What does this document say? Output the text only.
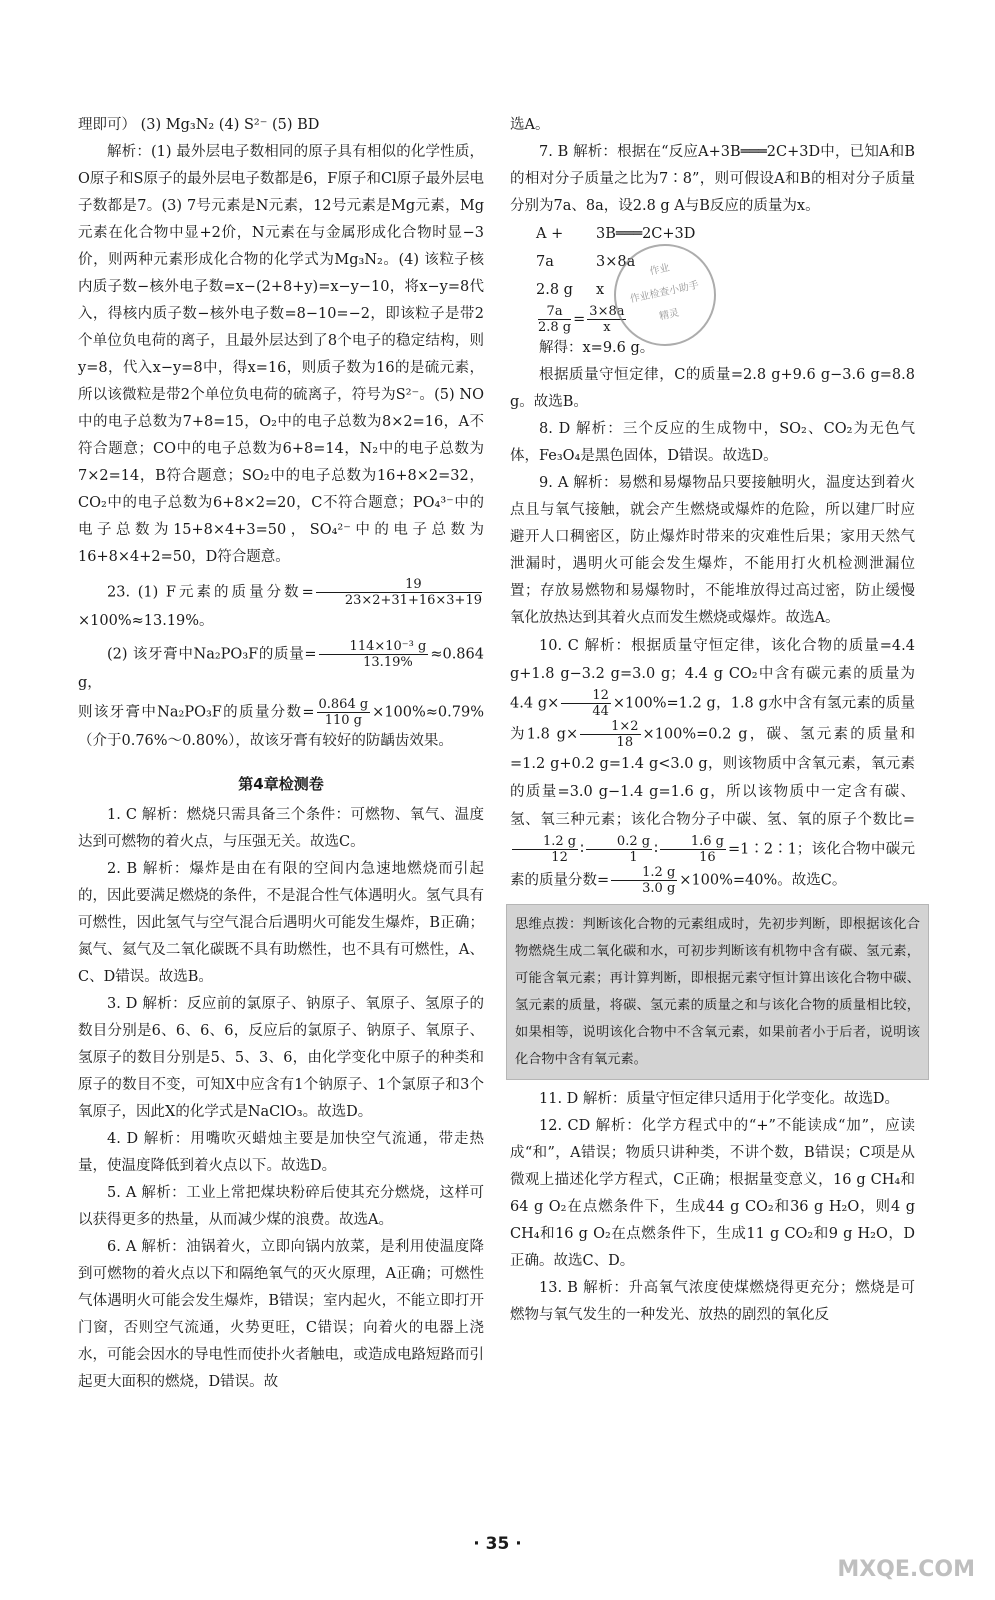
理即可） (3) Mg₃N₂ (4) S²⁻ (5) BD

解析：(1) 最外层电子数相同的原子具有相似的化学性质，O原子和S原子的最外层电子数都是6，F原子和Cl原子最外层电子数都是7。(3) 7号元素是N元素，12号元素是Mg元素，Mg元素在化合物中显+2价，N元素在与金属形成化合物时显−3价，则两种元素形成化合物的化学式为Mg₃N₂。(4) 该粒子核内质子数−核外电子数=x−(2+8+y)=x−y−10，将x−y=8代入，得核内质子数−核外电子数=8−10=−2，即该粒子是带2个单位负电荷的离子，且最外层达到了8个电子的稳定结构，则y=8，代入x−y=8中，得x=16，则质子数为16的是硫元素，所以该微粒是带2个单位负电荷的硫离子，符号为S²⁻。(5) NO中的电子总数为7+8=15，O₂中的电子总数为8×2=16，A不符合题意；CO中的电子总数为6+8=14，N₂中的电子总数为7×2=14，B符合题意；SO₂中的电子总数为16+8×2=32，CO₂中的电子总数为6+8×2=20，C不符合题意；PO₄³⁻中的电子总数为15+8×4+3=50，SO₄²⁻中的电子总数为16+8×4+2=50，D符合题意。

23. (1) F元素的质量分数= $\frac{19}{23\times 2+31+16\times 3+19}$
×100%≈13.19%。

(2) 该牙膏中Na₂PO₃F的质量= $\frac{\text{114×10⁻³ g}}{13.19\%} \approx 0.864$ g，

则该牙膏中Na₂PO₃F的质量分数= $\frac{0.864 g}{110 g} \times 100\%\approx 0.79\%$（介于0.76%～0.80%），故该牙膏有较好的防龋齿效果。

第4章检测卷

1. C 解析：燃烧只需具备三个条件：可燃物、氧气、温度达到可燃物的着火点，与压强无关。故选C。

2. B 解析：爆炸是由在有限的空间内急速地燃烧而引起的，因此要满足燃烧的条件，不是混合性气体遇明火。氢气具有可燃性，因此氢气与空气混合后遇明火可能发生爆炸，B正确；氮气、氦气及二氧化碳既不具有助燃性，也不具有可燃性，A、C、D错误。故选B。

3. D 解析：反应前的氯原子、钠原子、氧原子、氢原子的数目分别是6、6、6、6，反应后的氯原子、钠原子、氧原子、氢原子的数目分别是5、5、3、6，由化学变化中原子的种类和原子的数目不变，可知X中应含有1个钠原子、1个氯原子和3个氧原子，因此X的化学式是NaClO₃。故选D。

4. D 解析：用嘴吹灭蜡烛主要是加快空气流通，带走热量，使温度降低到着火点以下。故选D。

5. A 解析：工业上常把煤块粉碎后使其充分燃烧，这样可以获得更多的热量，从而减少煤的浪费。故选A。

6. A 解析：油锅着火，立即向锅内放菜，是利用使温度降到可燃物的着火点以下和隔绝氧气的灭火原理，A正确；可燃性气体遇明火可能会发生爆炸，B错误；室内起火，不能立即打开门窗，否则空气流通，火势更旺，C错误；向着火的电器上浇水，可能会因水的导电性而使扑火者触电，或造成电路短路而引起更大面积的燃烧，D错误。故

选A。

7. B 解析：根据在“反应A+3B═══2C+3D中，已知A和B的相对分子质量之比为7∶8”，则可假设A和B的相对分子质量分别为7a、8a，设2.8 g A与B反应的质量为x。

A +	3B═══2C+3D
7a	3×8a
2.8 g	x
$\frac{7a}{2.8 g} = \frac{3\times 8a}{x}$

解得：x=9.6 g。

根据质量守恒定律，C的质量=2.8 g+9.6 g−3.6 g=8.8 g。故选B。

8. D 解析：三个反应的生成物中，SO₂、CO₂为无色气体，Fe₃O₄是黑色固体，D错误。故选D。

9. A 解析：易燃和易爆物品只要接触明火，温度达到着火点且与氧气接触，就会产生燃烧或爆炸的危险，所以建厂时应避开人口稠密区，防止爆炸时带来的灾难性后果；家用天然气泄漏时，遇明火可能会发生爆炸，不能用打火机检测泄漏位置；存放易燃物和易爆物时，不能堆放得过高过密，防止缓慢氧化放热达到其着火点而发生燃烧或爆炸。故选A。

10. C 解析：根据质量守恒定律，该化合物的质量=4.4 g+1.8 g−3.2 g=3.0 g；4.4 g CO₂中含有碳元素的质量为4.4 $g\times \frac{12}{44} \times 100\%=1.2$ g，1.8 g水中含有氢元素的质量为1.8 $g\times \frac{1\times 2}{18} \times 100\%=0.2$ g，碳、氢元素的质量和=1.2 g+0.2 g=1.4 g<3.0 g，则该物质中含氧元素，氧元素的质量=3.0 g−1.4 g=1.6 g，所以该物质中一定含有碳、氢、氧三种元素；该化合物分子中碳、氢、氧的原子个数比=
$\frac{1.2 g}{12}$ ∶ $\frac{0.2 g}{1}$ ∶ $\frac{1.6 g}{16}$ =1∶2∶1；该化合物中碳元素的质量分数= $\frac{1.2 g}{3.0 g} \times 100\%=40\%$。故选C。

思维点拨：判断该化合物的元素组成时，先初步判断，即根据该化合物燃烧生成二氧化碳和水，可初步判断该有机物中含有碳、氢元素，可能含氧元素；再计算判断，即根据元素守恒计算出该化合物中碳、氢元素的质量，将碳、氢元素的质量之和与该化合物的质量相比较，如果相等，说明该化合物中不含氧元素，如果前者小于后者，说明该化合物中含有氧元素。

11. D 解析：质量守恒定律只适用于化学变化。故选D。

12. CD 解析：化学方程式中的“+”不能读成“加”，应读成“和”，A错误；物质只讲种类，不讲个数，B错误；C项是从微观上描述化学方程式，C正确；根据量变意义，16 g CH₄和64 g O₂在点燃条件下，生成44 g CO₂和36 g H₂O，则4 g CH₄和16 g O₂在点燃条件下，生成11 g CO₂和9 g H₂O，D正确。故选C、D。

13. B 解析：升高氧气浓度使煤燃烧得更充分；燃烧是可燃物与氧气发生的一种发光、放热的剧烈的氧化反

作业
作业检查小助手
精灵
· 35 ·
MXQE.COM
